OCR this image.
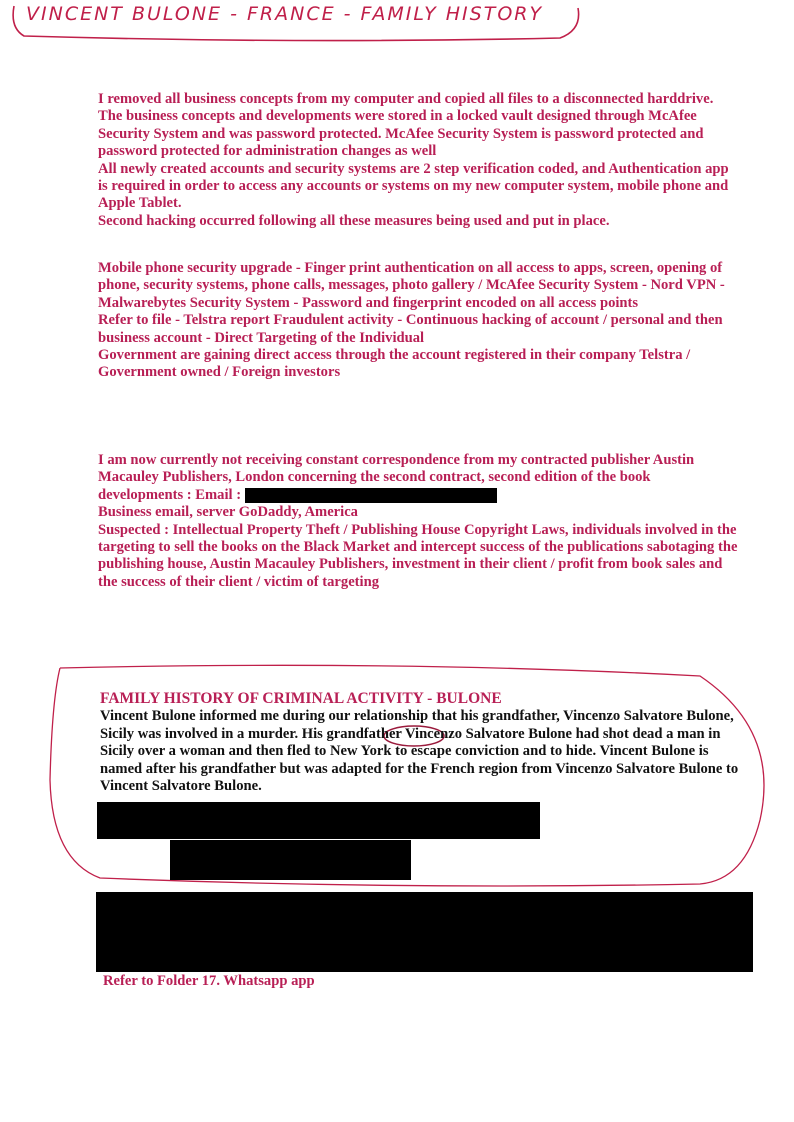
VINCENT BULONE - FRANCE - FAMILY HISTORY

I removed all business concepts from my computer and copied all files to a disconnected harddrive. The business concepts and developments were stored in a locked vault designed through McAfee Security System and was password protected. McAfee Security System is password protected and password protected for administration changes as well

All newly created accounts and security systems are 2 step verification coded, and Authentication app is required in order to access any accounts or systems on my new computer system, mobile phone and Apple Tablet.

Second hacking occurred following all these measures being used and put in place.

Mobile phone security upgrade - Finger print authentication on all access to apps, screen, opening of phone, security systems, phone calls, messages, photo gallery / McAfee Security System - Nord VPN - Malwarebytes Security System - Password and fingerprint encoded on all access points

Refer to file - Telstra report Fraudulent activity - Continuous hacking of account / personal and then business account - Direct Targeting of the Individual

Government are gaining direct access through the account registered in their company Telstra / Government owned / Foreign investors

I am now currently not receiving constant correspondence from my contracted publisher Austin Macauley Publishers, London concerning the second contract, second edition of the book developments : Email :

Business email, server GoDaddy, America

Suspected : Intellectual Property Theft / Publishing House Copyright Laws, individuals involved in the targeting to sell the books on the Black Market and intercept success of the publications sabotaging the publishing house, Austin Macauley Publishers, investment in their client / profit from book sales and the success of their client / victim of targeting

FAMILY HISTORY OF CRIMINAL ACTIVITY - BULONE

Vincent Bulone informed me during our relationship that his grandfather, Vincenzo Salvatore Bulone, Sicily was involved in a murder. His grandfather Vincenzo Salvatore Bulone had shot dead a man in Sicily over a woman and then fled to New York to escape conviction and to hide. Vincent Bulone is named after his grandfather but was adapted for the French region from Vincenzo Salvatore Bulone to Vincent Salvatore Bulone.

Refer to Folder 17. Whatsapp app
